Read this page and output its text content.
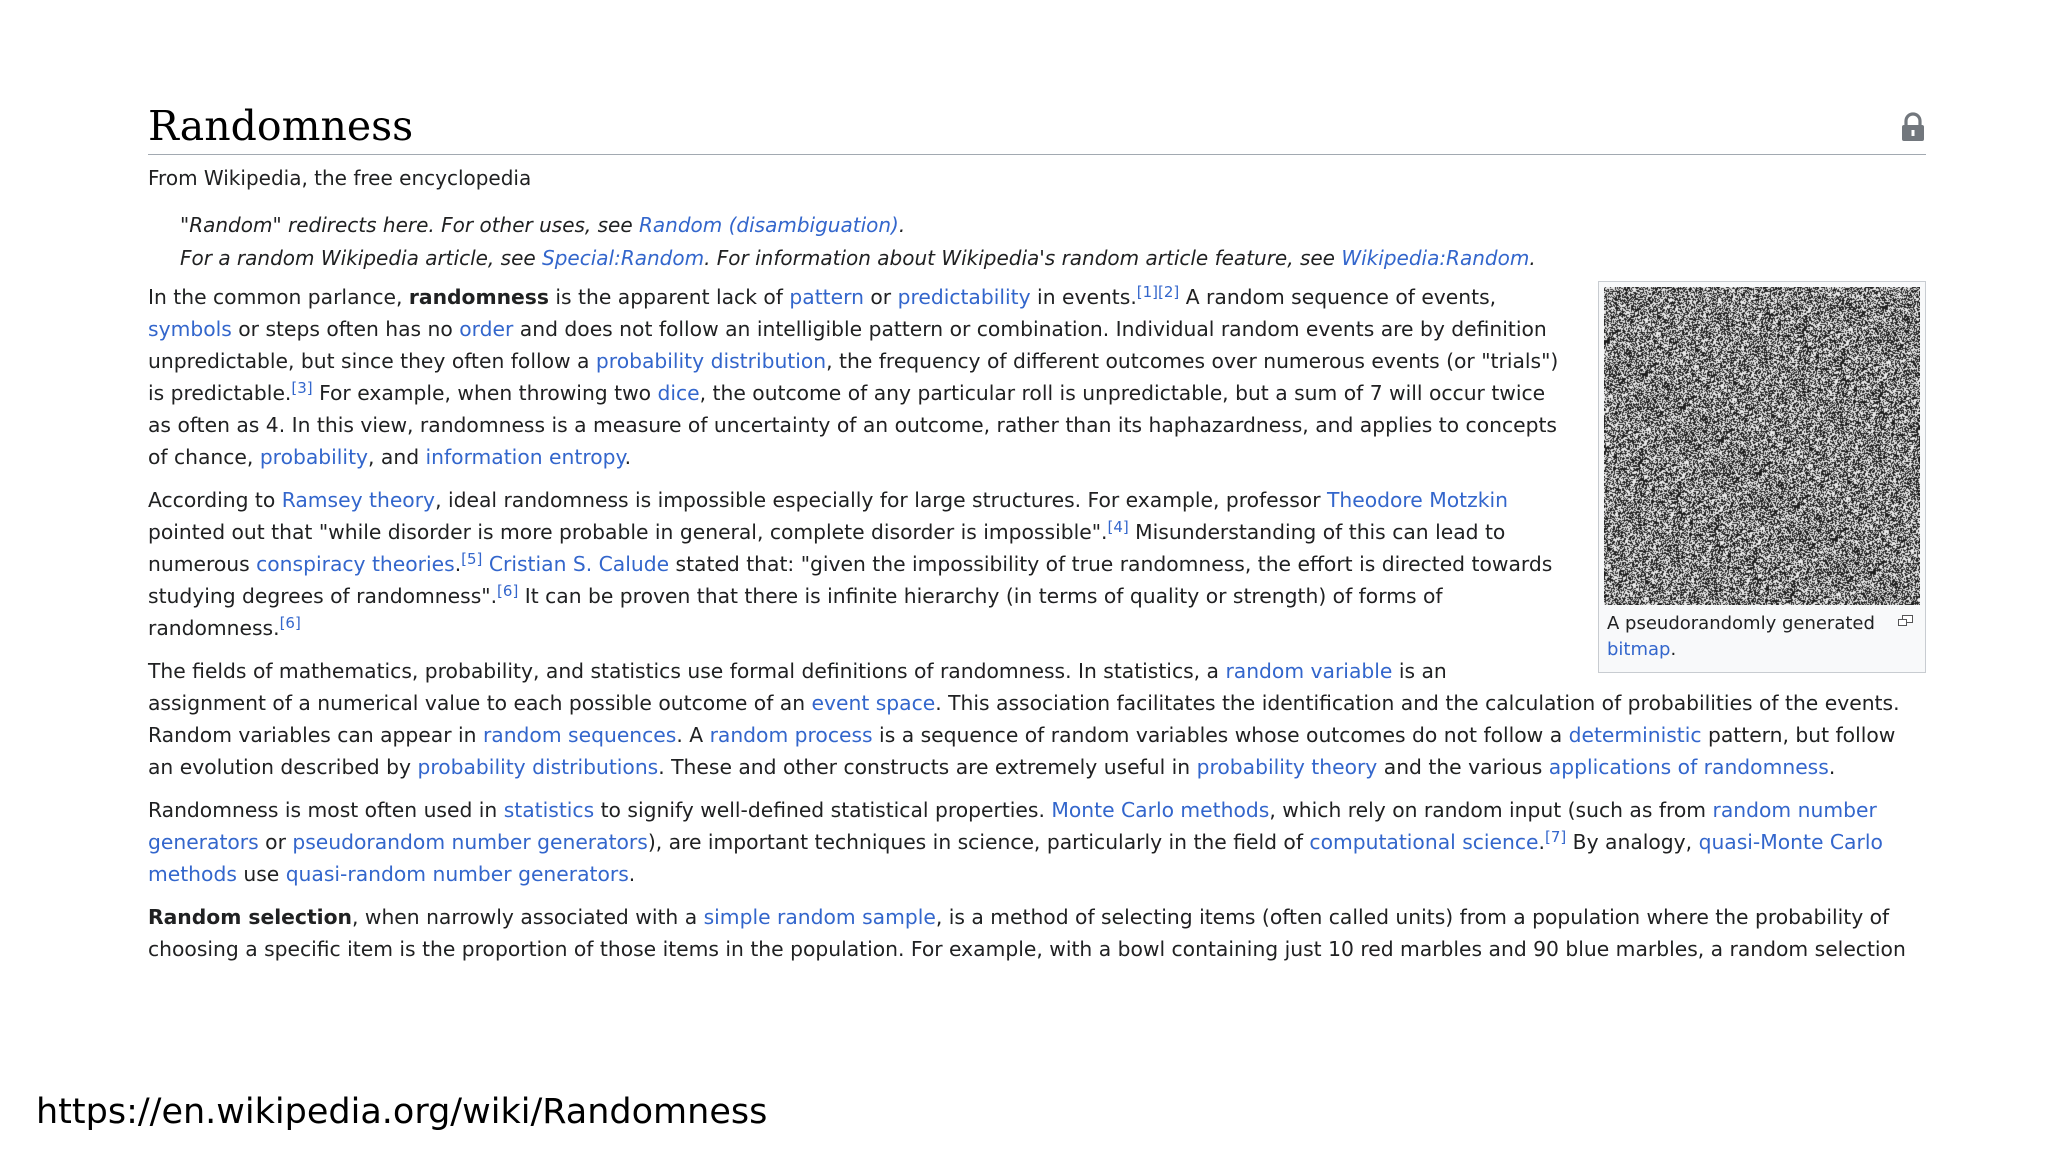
Randomness
From Wikipedia, the free encyclopedia
"Random" redirects here. For other uses, see Random (disambiguation).
For a random Wikipedia article, see Special:Random. For information about Wikipedia's random article feature, see Wikipedia:Random.
A pseudorandomly generated bitmap.

In the common parlance, randomness is the apparent lack of pattern or predictability in events.[1][2] A random sequence of events, symbols or steps often has no order and does not follow an intelligible pattern or combination. Individual random events are by definition unpredictable, but since they often follow a probability distribution, the frequency of different outcomes over numerous events (or "trials") is predictable.[3] For example, when throwing two dice, the outcome of any particular roll is unpredictable, but a sum of 7 will occur twice as often as 4. In this view, randomness is a measure of uncertainty of an outcome, rather than its haphazardness, and applies to concepts of chance, probability, and information entropy.

According to Ramsey theory, ideal randomness is impossible especially for large structures. For example, professor Theodore Motzkin pointed out that "while disorder is more probable in general, complete disorder is impossible".[4] Misunderstanding of this can lead to numerous conspiracy theories.[5] Cristian S. Calude stated that: "given the impossibility of true randomness, the effort is directed towards studying degrees of randomness".[6] It can be proven that there is infinite hierarchy (in terms of quality or strength) of forms of randomness.[6]

The fields of mathematics, probability, and statistics use formal definitions of randomness. In statistics, a random variable is an assignment of a numerical value to each possible outcome of an event space. This association facilitates the identification and the calculation of probabilities of the events. Random variables can appear in random sequences. A random process is a sequence of random variables whose outcomes do not follow a deterministic pattern, but follow an evolution described by probability distributions. These and other constructs are extremely useful in probability theory and the various applications of randomness.

Randomness is most often used in statistics to signify well-defined statistical properties. Monte Carlo methods, which rely on random input (such as from random number generators or pseudorandom number generators), are important techniques in science, particularly in the field of computational science.[7] By analogy, quasi-Monte Carlo methods use quasi-random number generators.

Random selection, when narrowly associated with a simple random sample, is a method of selecting items (often called units) from a population where the probability of choosing a specific item is the proportion of those items in the population. For example, with a bowl containing just 10 red marbles and 90 blue marbles, a random selection

https://en.wikipedia.org/wiki/Randomness
